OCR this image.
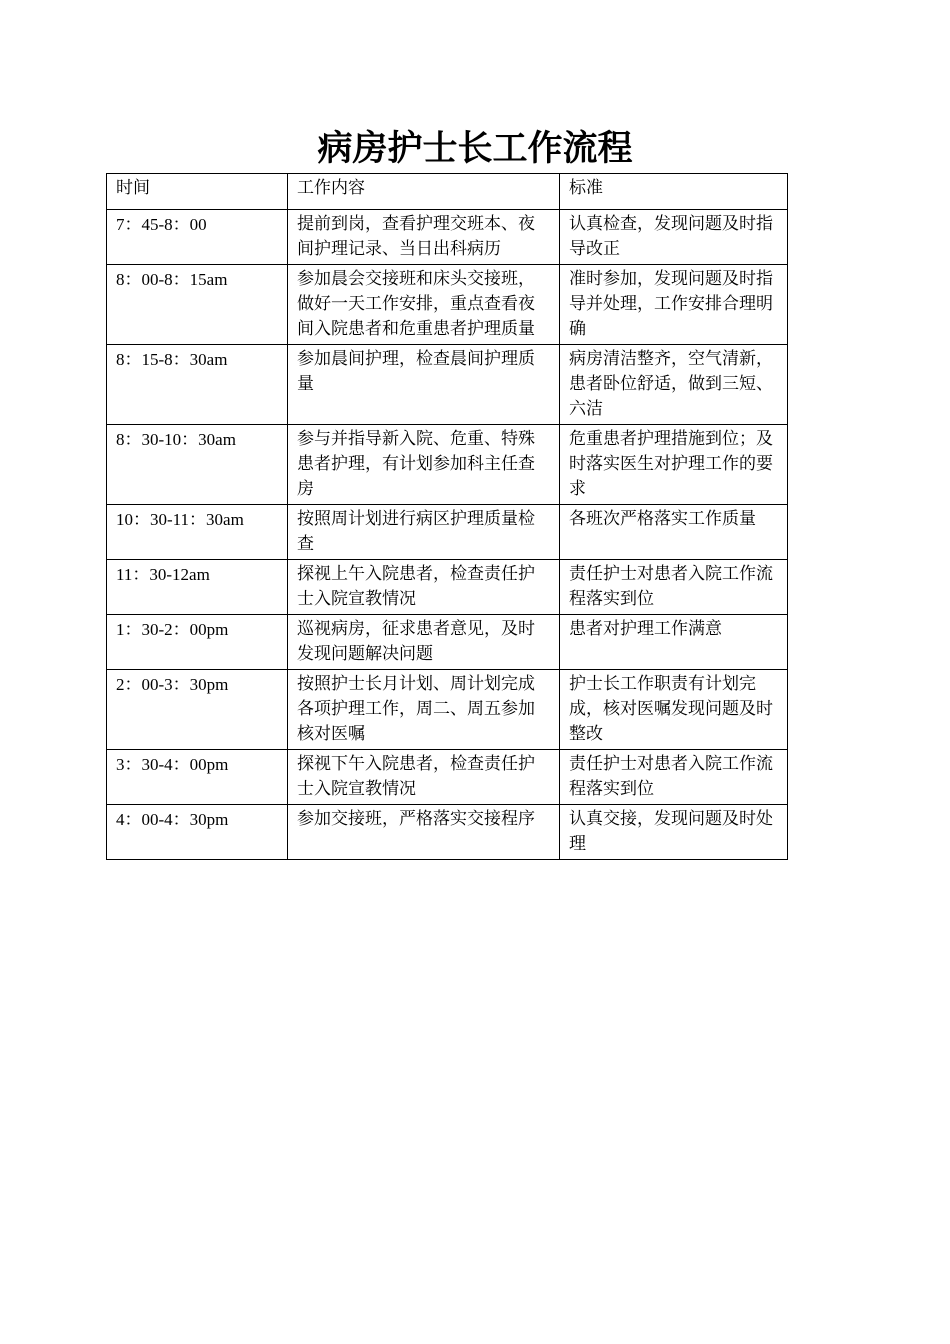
病房护士长工作流程
时间	工作内容	标准
7：45-8：00	提前到岗，查看护理交班本、夜间护理记录、当日出科病历	认真检查，发现问题及时指导改正
8：00-8：15am	参加晨会交接班和床头交接班，做好一天工作安排，重点查看夜间入院患者和危重患者护理质量	准时参加，发现问题及时指导并处理，工作安排合理明确
8：15-8：30am	参加晨间护理，检查晨间护理质量	病房清洁整齐，空气清新，患者卧位舒适，做到三短、六洁
8：30-10：30am	参与并指导新入院、危重、特殊患者护理，有计划参加科主任查房	危重患者护理措施到位；及时落实医生对护理工作的要求
10：30-11：30am	按照周计划进行病区护理质量检查	各班次严格落实工作质量
11：30-12am	探视上午入院患者，检查责任护士入院宣教情况	责任护士对患者入院工作流程落实到位
1：30-2：00pm	巡视病房，征求患者意见，及时发现问题解决问题	患者对护理工作满意
2：00-3：30pm	按照护士长月计划、周计划完成各项护理工作，周二、周五参加核对医嘱	护士长工作职责有计划完成，核对医嘱发现问题及时整改
3：30-4：00pm	探视下午入院患者，检查责任护士入院宣教情况	责任护士对患者入院工作流程落实到位
4：00-4：30pm	参加交接班，严格落实交接程序	认真交接，发现问题及时处理
